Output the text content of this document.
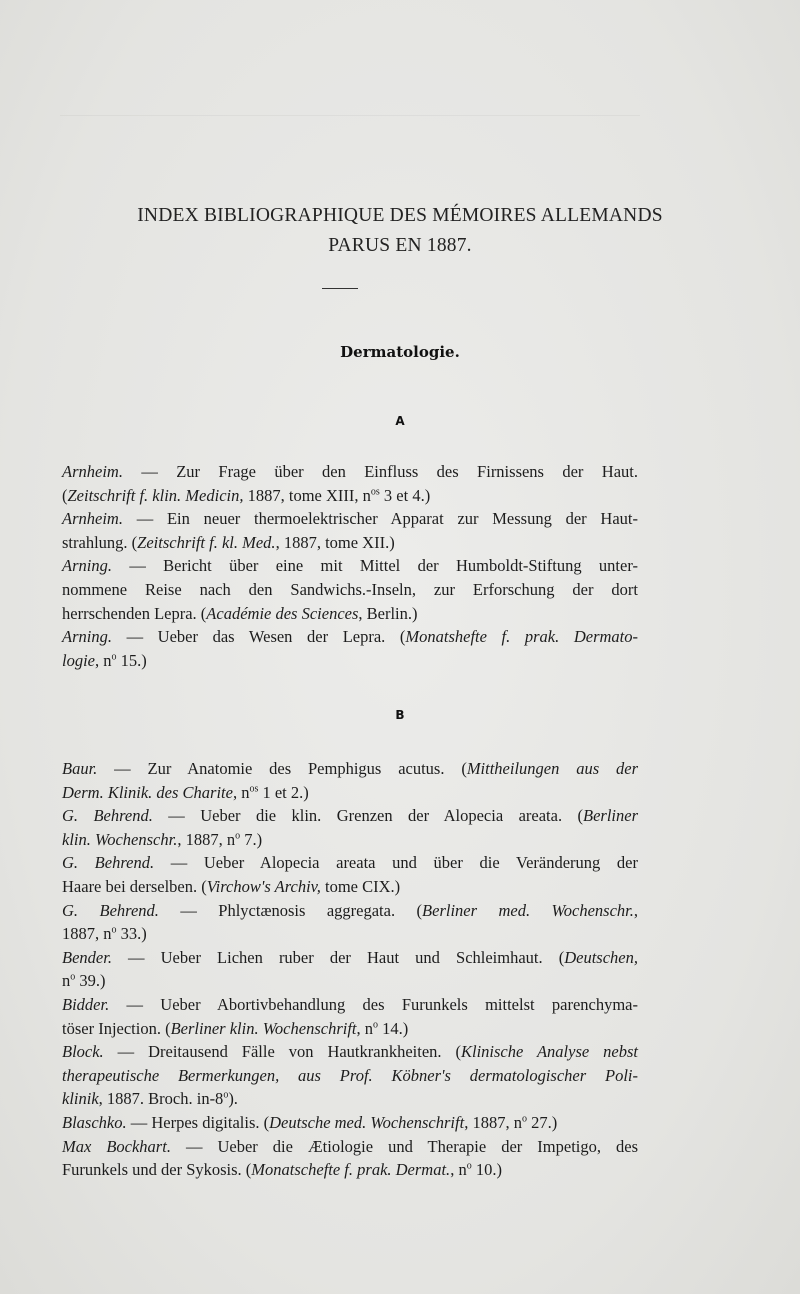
INDEX BIBLIOGRAPHIQUE DES MÉMOIRES ALLEMANDS
PARUS EN 1887.
Dermatologie.
A

Arnheim. — Zur Frage über den Einfluss des Firnissens der Haut.
(Zeitschrift f. klin. Medicin, 1887, tome XIII, $n^{os}$ 3 et 4.)

Arnheim. — Ein neuer thermoelektrischer Apparat zur Messung der Haut-
strahlung. (Zeitschrift f. kl. Med., 1887, tome XII.)

Arning. — Bericht über eine mit Mittel der Humboldt-Stiftung unter-
nommene Reise nach den Sandwichs.-Inseln, zur Erforschung der dort
herrschenden Lepra. (Académie des Sciences, Berlin.)

Arning. — Ueber das Wesen der Lepra. (Monatshefte f. prak. Dermato-
logie, $n^o$ 15.)

B

Baur. — Zur Anatomie des Pemphigus acutus. (Mittheilungen aus der
Derm. Klinik. des Charite, $n^{os}$ 1 et 2.)

G. Behrend. — Ueber die klin. Grenzen der Alopecia areata. (Berliner
klin. Wochenschr., 1887, $n^o$ 7.)

G. Behrend. — Ueber Alopecia areata und über die Veränderung der
Haare bei derselben. (Virchow's Archiv, tome CIX.)

G. Behrend. — Phlyctænosis aggregata. (Berliner med. Wochenschr.,
1887, $n^o$ 33.)

Bender. — Ueber Lichen ruber der Haut und Schleimhaut. (Deutschen,
$n^o$ 39.)

Bidder. — Ueber Abortivbehandlung des Furunkels mittelst parenchyma-
töser Injection. (Berliner klin. Wochenschrift, $n^o$ 14.)

Block. — Dreitausend Fälle von Hautkrankheiten. (Klinische Analyse nebst
therapeutische Bermerkungen, aus Prof. Köbner's dermatologischer Poli-
klinik, 1887. Broch. in-8$^o$).

Blaschko. — Herpes digitalis. (Deutsche med. Wochenschrift, 1887, $n^o$ 27.)

Max Bockhart. — Ueber die Ætiologie und Therapie der Impetigo, des
Furunkels und der Sykosis. (Monatschefte f. prak. Dermat., $n^o$ 10.)
